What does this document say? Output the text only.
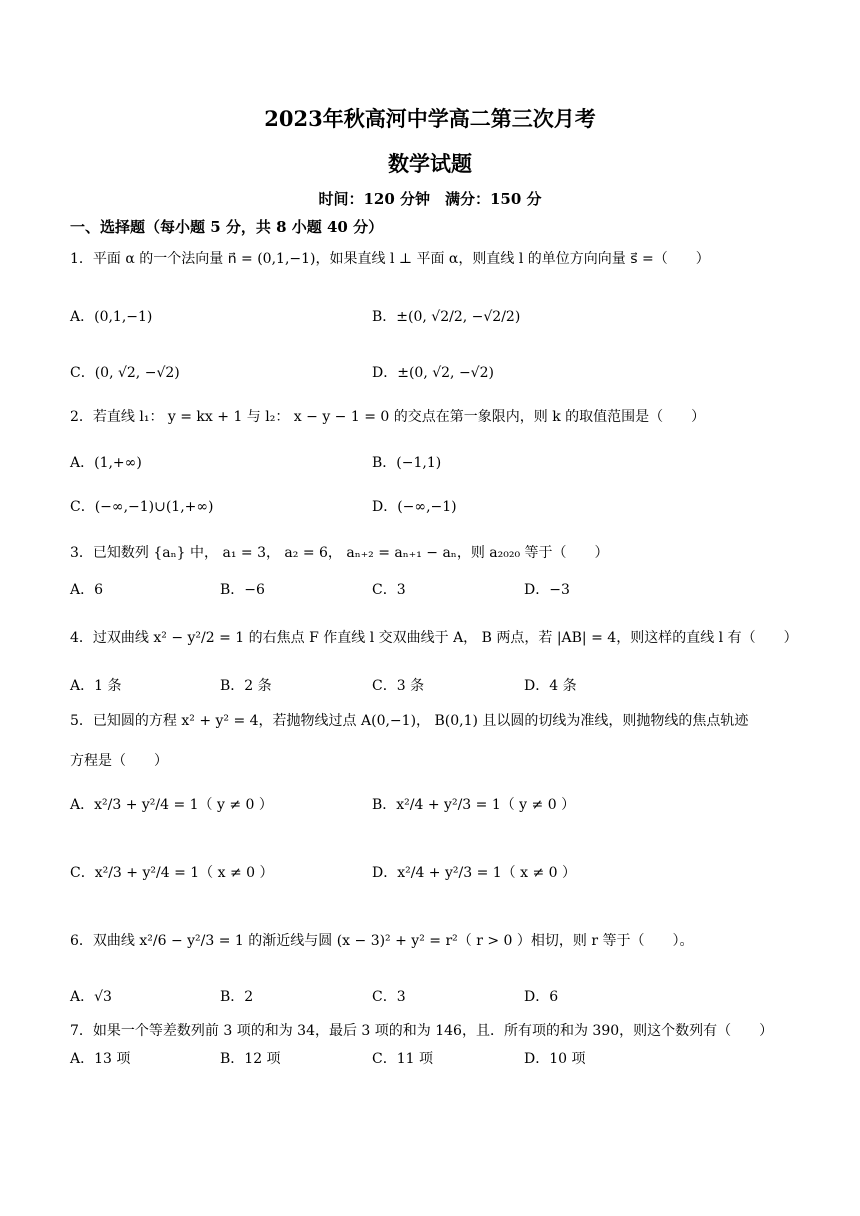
2023年秋高河中学高二第三次月考
数学试题
时间：120 分钟　满分：150 分
一、选择题（每小题 5 分，共 8 小题 40 分）
1．平面 α 的一个法向量 n⃗ = (0,1,−1)，如果直线 l ⊥ 平面 α，则直线 l 的单位方向向量 s⃗ =（　　）
A．(0,1,−1)	B．±(0, √2/2, −√2/2)
C．(0, √2, −√2)	D．±(0, √2, −√2)
2．若直线 l₁： y = kx + 1 与 l₂： x − y − 1 = 0 的交点在第一象限内，则 k 的取值范围是（　　）
A．(1,+∞)	B．(−1,1)
C．(−∞,−1)∪(1,+∞)	D．(−∞,−1)
3．已知数列 {aₙ} 中， a₁ = 3， a₂ = 6， aₙ₊₂ = aₙ₊₁ − aₙ，则 a₂₀₂₀ 等于（　　）
A．6	B．−6	C．3	D．−3
4．过双曲线 x² − y²/2 = 1 的右焦点 F 作直线 l 交双曲线于 A， B 两点，若 |AB| = 4，则这样的直线 l 有（　　）
A．1 条	B．2 条	C．3 条	D．4 条
5．已知圆的方程 x² + y² = 4，若抛物线过点 A(0,−1)， B(0,1) 且以圆的切线为准线，则抛物线的焦点轨迹
方程是（　　）
A．x²/3 + y²/4 = 1（ y ≠ 0 ）	B．x²/4 + y²/3 = 1（ y ≠ 0 ）
C．x²/3 + y²/4 = 1（ x ≠ 0 ）	D．x²/4 + y²/3 = 1（ x ≠ 0 ）
6．双曲线 x²/6 − y²/3 = 1 的渐近线与圆 (x − 3)² + y² = r²（ r > 0 ）相切，则 r 等于（　　）。
A．√3	B．2	C．3	D．6
7．如果一个等差数列前 3 项的和为 34，最后 3 项的和为 146，且．所有项的和为 390，则这个数列有（　　）
A．13 项	B．12 项	C．11 项	D．10 项
